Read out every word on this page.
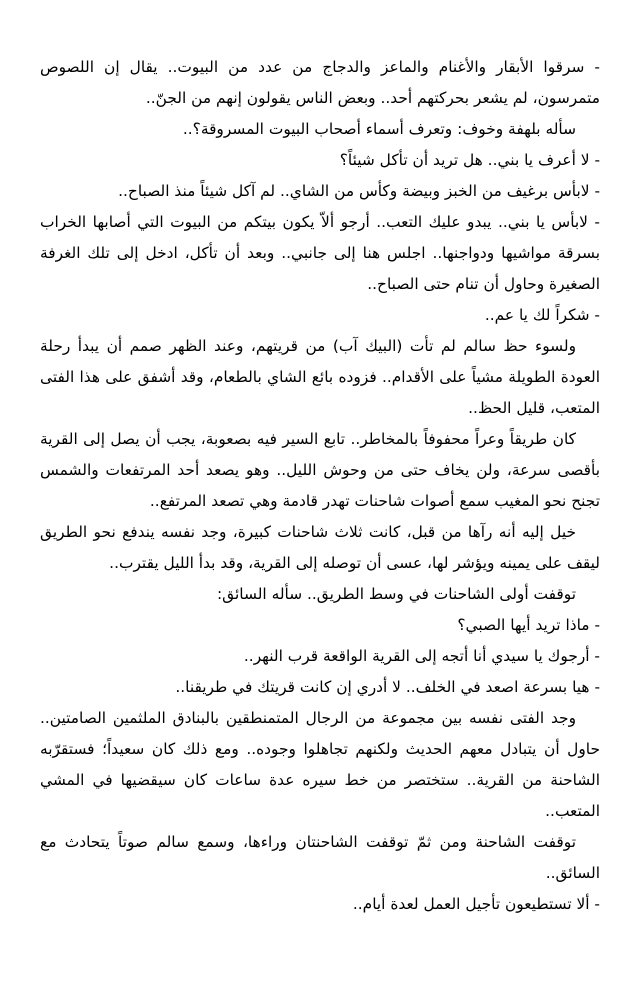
- سرقوا الأبقار والأغنام والماعز والدجاج من عدد من البيوت.. يقال إن اللصوص متمرسون، لم يشعر بحركتهم أحد.. وبعض الناس يقولون إنهم من الجنّ..

سأله بلهفة وخوف: وتعرف أسماء أصحاب البيوت المسروقة؟..

- لا أعرف يا بني.. هل تريد أن تأكل شيئاً؟

- لابأس برغيف من الخبز وبيضة وكأس من الشاي.. لم آكل شيئاً منذ الصباح..

- لابأس يا بني.. يبدو عليك التعب.. أرجو ألاّ يكون بيتكم من البيوت التي أصابها الخراب بسرقة مواشيها ودواجنها.. اجلس هنا إلى جانبي.. وبعد أن تأكل، ادخل إلى تلك الغرفة الصغيرة وحاول أن تنام حتى الصباح..

- شكراً لك يا عم..

ولسوء حظ سالم لم تأت (البيك آب) من قريتهم، وعند الظهر صمم أن يبدأ رحلة العودة الطويلة مشياً على الأقدام.. فزوده بائع الشاي بالطعام، وقد أشفق على هذا الفتى المتعب، قليل الحظ..

كان طريقاً وعراً محفوفاً بالمخاطر.. تابع السير فيه بصعوبة، يجب أن يصل إلى القرية بأقصى سرعة، ولن يخاف حتى من وحوش الليل.. وهو يصعد أحد المرتفعات والشمس تجنح نحو المغيب سمع أصوات شاحنات تهدر قادمة وهي تصعد المرتفع..

خيل إليه أنه رآها من قبل، كانت ثلاث شاحنات كبيرة، وجد نفسه يندفع نحو الطريق ليقف على يمينه ويؤشر لها، عسى أن توصله إلى القرية، وقد بدأ الليل يقترب..

توقفت أولى الشاحنات في وسط الطريق.. سأله السائق:

- ماذا تريد أيها الصبي؟

- أرجوك يا سيدي أنا أتجه إلى القرية الواقعة قرب النهر..

- هيا بسرعة اصعد في الخلف.. لا أدري إن كانت قريتك في طريقنا..

وجد الفتى نفسه بين مجموعة من الرجال المتمنطقين بالبنادق الملثمين الصامتين.. حاول أن يتبادل معهم الحديث ولكنهم تجاهلوا وجوده.. ومع ذلك كان سعيداً؛ فستقرّبه الشاحنة من القرية.. ستختصر من خط سيره عدة ساعات كان سيقضيها في المشي المتعب..

توقفت الشاحنة ومن ثمّ توقفت الشاحنتان وراءها، وسمع سالم صوتاً يتحادث مع السائق..

- ألا تستطيعون تأجيل العمل لعدة أيام..
